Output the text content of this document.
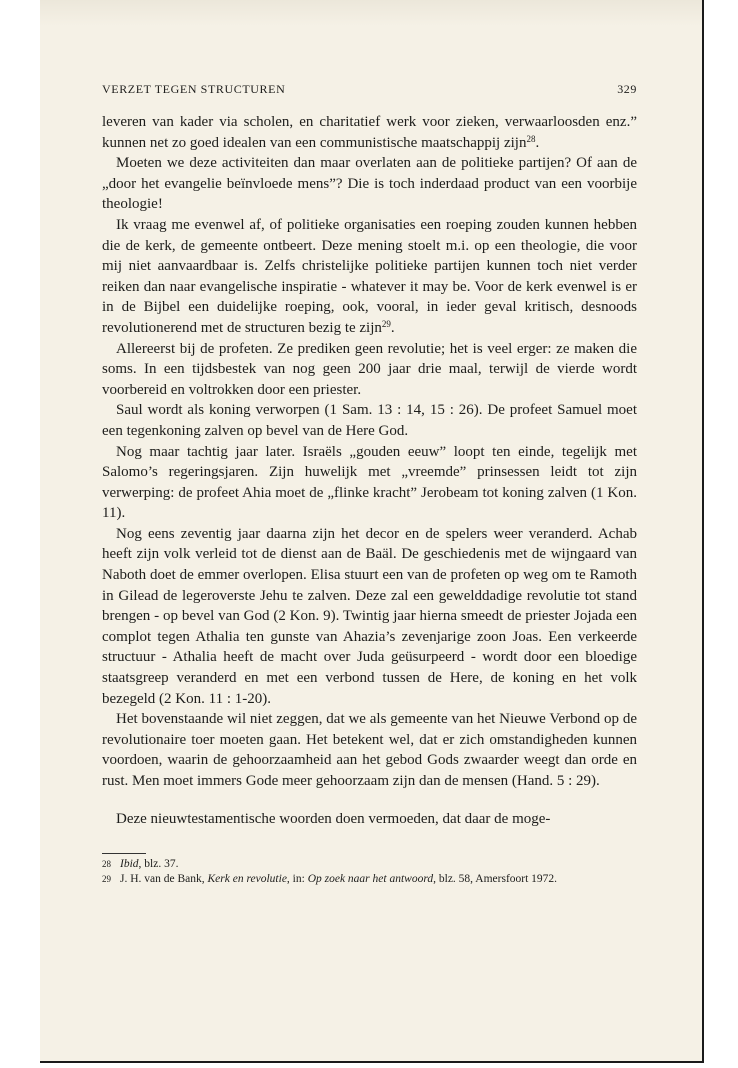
VERZET TEGEN STRUCTUREN	329

leveren van kader via scholen, en charitatief werk voor zieken, verwaarloosden enz.” kunnen net zo goed idealen van een communistische maatschappij zijn$^{28}$.

Moeten we deze activiteiten dan maar overlaten aan de politieke partijen? Of aan de „door het evangelie beïnvloede mens”? Die is toch inderdaad product van een voorbije theologie!

Ik vraag me evenwel af, of politieke organisaties een roeping zouden kunnen hebben die de kerk, de gemeente ontbeert. Deze mening stoelt m.i. op een theologie, die voor mij niet aanvaardbaar is. Zelfs christelijke politieke partijen kunnen toch niet verder reiken dan naar evangelische inspiratie - whatever it may be. Voor de kerk evenwel is er in de Bijbel een duidelijke roeping, ook, vooral, in ieder geval kritisch, desnoods revolutionerend met de structuren bezig te zijn$^{29}$.

Allereerst bij de profeten. Ze prediken geen revolutie; het is veel erger: ze maken die soms. In een tijdsbestek van nog geen 200 jaar drie maal, terwijl de vierde wordt voorbereid en voltrokken door een priester.

Saul wordt als koning verworpen (1 Sam. 13 : 14, 15 : 26). De profeet Samuel moet een tegenkoning zalven op bevel van de Here God.

Nog maar tachtig jaar later. Israëls „gouden eeuw” loopt ten einde, tegelijk met Salomo’s regeringsjaren. Zijn huwelijk met „vreemde” prinsessen leidt tot zijn verwerping: de profeet Ahia moet de „flinke kracht” Jerobeam tot koning zalven (1 Kon. 11).

Nog eens zeventig jaar daarna zijn het decor en de spelers weer veranderd. Achab heeft zijn volk verleid tot de dienst aan de Baäl. De geschiedenis met de wijngaard van Naboth doet de emmer overlopen. Elisa stuurt een van de profeten op weg om te Ramoth in Gilead de legeroverste Jehu te zalven. Deze zal een gewelddadige revolutie tot stand brengen - op bevel van God (2 Kon. 9). Twintig jaar hierna smeedt de priester Jojada een complot tegen Athalia ten gunste van Ahazia’s zevenjarige zoon Joas. Een verkeerde structuur - Athalia heeft de macht over Juda geüsurpeerd - wordt door een bloedige staatsgreep veranderd en met een verbond tussen de Here, de koning en het volk bezegeld (2 Kon. 11 : 1-20).

Het bovenstaande wil niet zeggen, dat we als gemeente van het Nieuwe Verbond op de revolutionaire toer moeten gaan. Het betekent wel, dat er zich omstandigheden kunnen voordoen, waarin de gehoorzaamheid aan het gebod Gods zwaarder weegt dan orde en rust. Men moet immers Gode meer gehoorzaam zijn dan de mensen (Hand. 5 : 29).

Deze nieuwtestamentische woorden doen vermoeden, dat daar de moge-

28 Ibid, blz. 37.
29 J. H. van de Bank, Kerk en revolutie, in: Op zoek naar het antwoord, blz. 58, Amersfoort 1972.
